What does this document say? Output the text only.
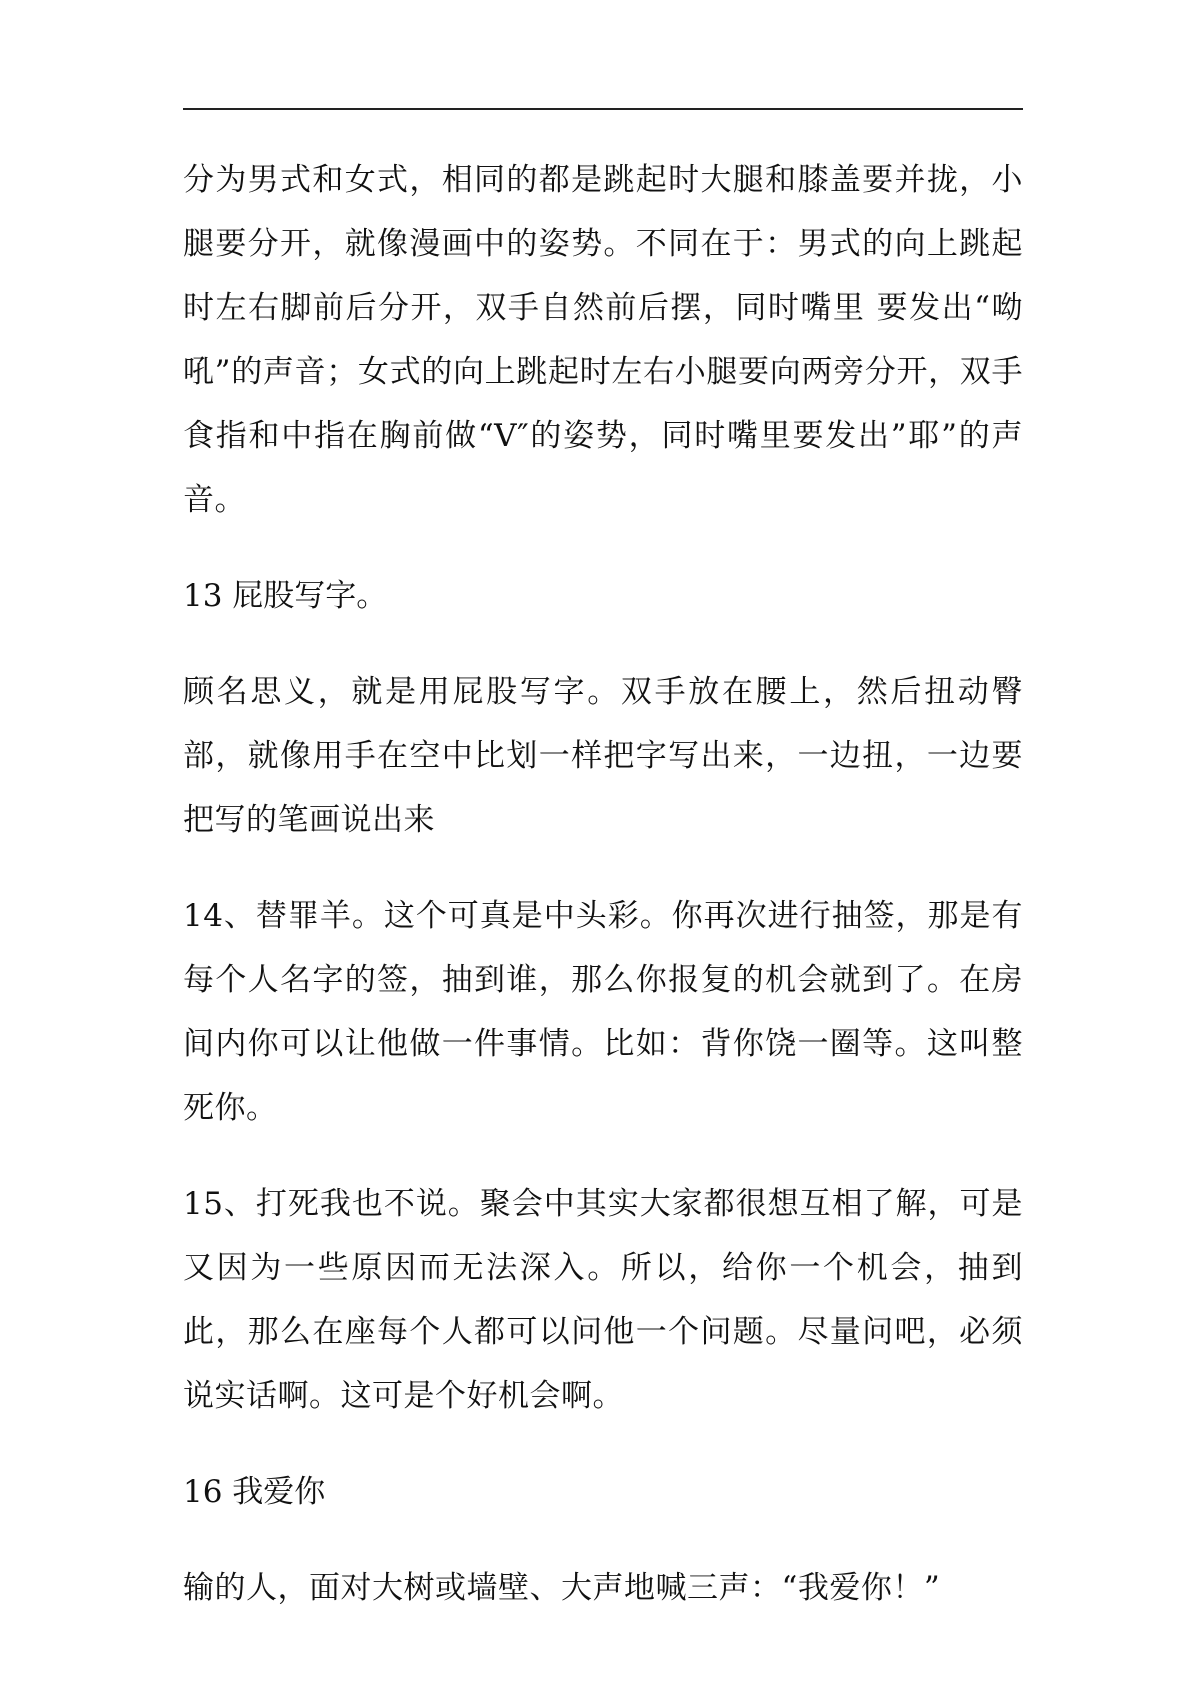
分为男式和女式，相同的都是跳起时大腿和膝盖要并拢，小腿要分开，就像漫画中的姿势。不同在于：男式的向上跳起时左右脚前后分开，双手自然前后摆，同时嘴里 要发出“呦吼”的声音；女式的向上跳起时左右小腿要向两旁分开，双手食指和中指在胸前做“V″的姿势，同时嘴里要发出”耶”的声音。

13 屁股写字。

顾名思义，就是用屁股写字。双手放在腰上，然后扭动臀部，就像用手在空中比划一样把字写出来，一边扭，一边要把写的笔画说出来

14、替罪羊。这个可真是中头彩。你再次进行抽签，那是有每个人名字的签，抽到谁，那么你报复的机会就到了。在房间内你可以让他做一件事情。比如：背你饶一圈等。这叫整死你。

15、打死我也不说。聚会中其实大家都很想互相了解，可是又因为一些原因而无法深入。所以，给你一个机会，抽到此，那么在座每个人都可以问他一个问题。尽量问吧，必须说实话啊。这可是个好机会啊。

16 我爱你

输的人，面对大树或墙壁、大声地喊三声：“我爱你！”
